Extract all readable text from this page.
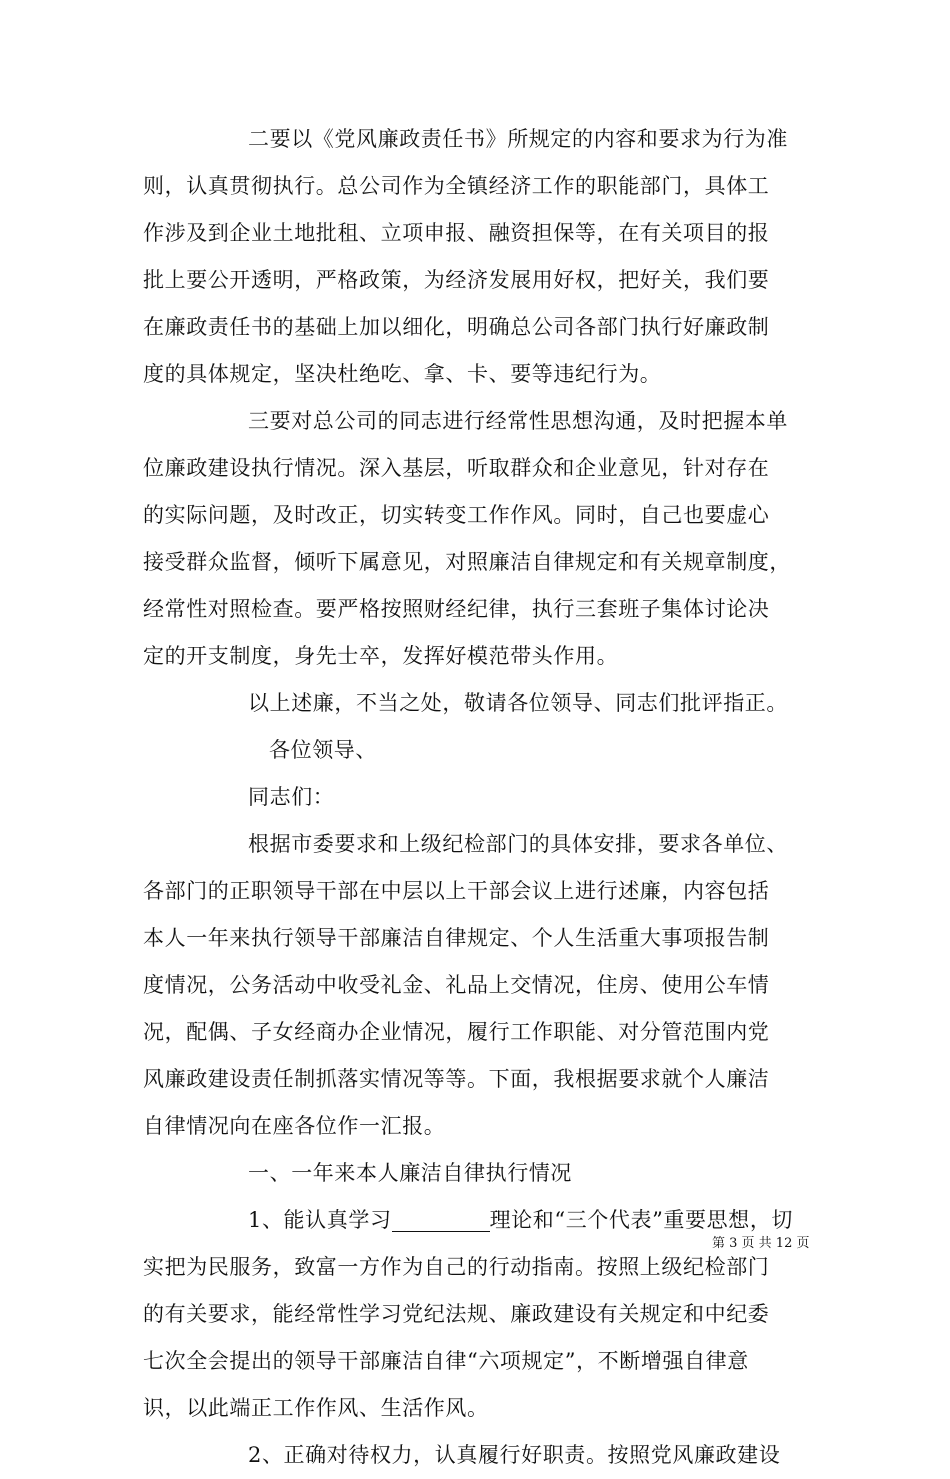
二要以《党风廉政责任书》所规定的内容和要求为行为准
则，认真贯彻执行。总公司作为全镇经济工作的职能部门，具体工
作涉及到企业土地批租、立项申报、融资担保等，在有关项目的报
批上要公开透明，严格政策，为经济发展用好权，把好关，我们要
在廉政责任书的基础上加以细化，明确总公司各部门执行好廉政制
度的具体规定，坚决杜绝吃、拿、卡、要等违纪行为。
三要对总公司的同志进行经常性思想沟通，及时把握本单
位廉政建设执行情况。深入基层，听取群众和企业意见，针对存在
的实际问题，及时改正，切实转变工作作风。同时，自己也要虚心
接受群众监督，倾听下属意见，对照廉洁自律规定和有关规章制度，
经常性对照检查。要严格按照财经纪律，执行三套班子集体讨论决
定的开支制度，身先士卒，发挥好模范带头作用。
以上述廉，不当之处，敬请各位领导、同志们批评指正。
各位领导、
同志们：
根据市委要求和上级纪检部门的具体安排，要求各单位、
各部门的正职领导干部在中层以上干部会议上进行述廉，内容包括
本人一年来执行领导干部廉洁自律规定、个人生活重大事项报告制
度情况，公务活动中收受礼金、礼品上交情况，住房、使用公车情
况，配偶、子女经商办企业情况，履行工作职能、对分管范围内党
风廉政建设责任制抓落实情况等等。下面，我根据要求就个人廉洁
自律情况向在座各位作一汇报。
一、一年来本人廉洁自律执行情况
1、能认真学习	理论和“三个代表”重要思想，切
实把为民服务，致富一方作为自己的行动指南。按照上级纪检部门
的有关要求，能经常性学习党纪法规、廉政建设有关规定和中纪委
七次全会提出的领导干部廉洁自律“六项规定”，不断增强自律意
识，以此端正工作作风、生活作风。
2、正确对待权力，认真履行好职责。按照党风廉政建设
第 3 页 共 12 页
